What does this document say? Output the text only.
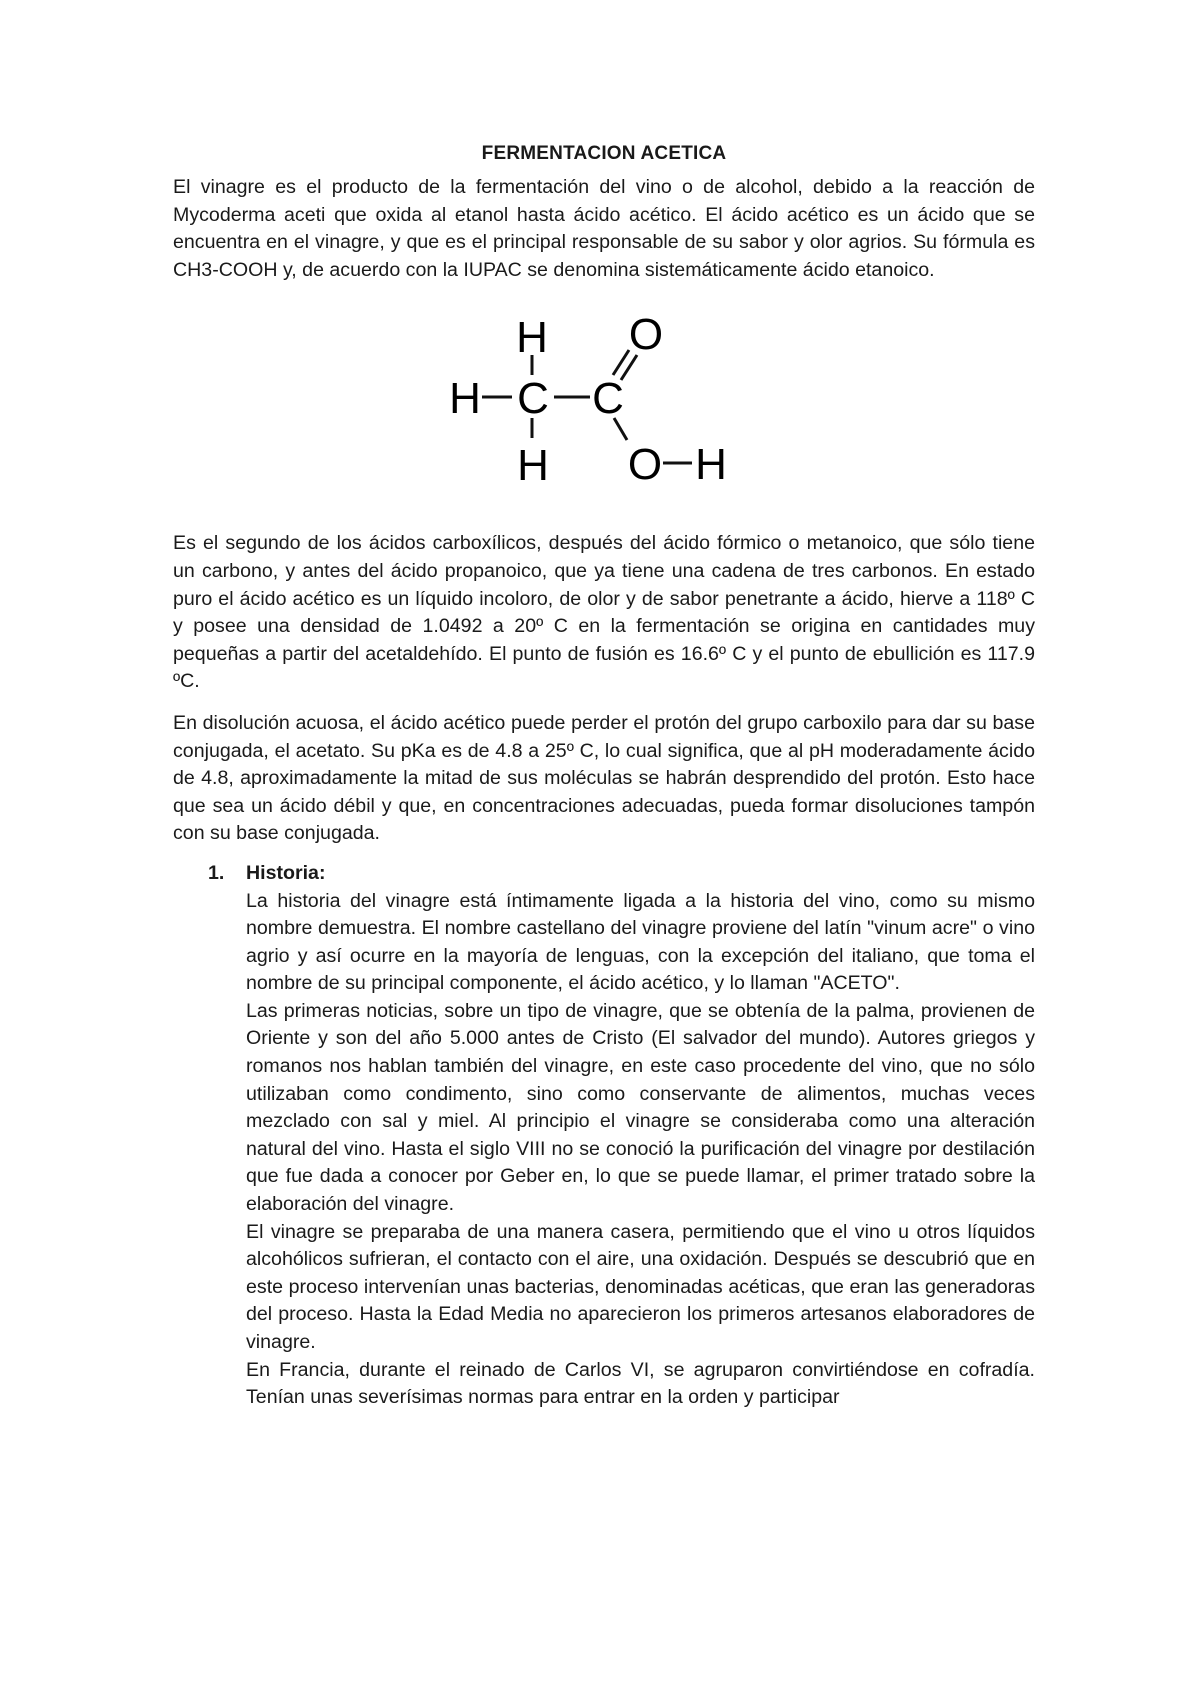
FERMENTACION ACETICA

El vinagre es el producto de la fermentación del vino o de alcohol, debido a la reacción de Mycoderma aceti que oxida al etanol hasta ácido acético. El ácido acético es un ácido que se encuentra en el vinagre, y que es el principal responsable de su sabor y olor agrios. Su fórmula es CH3-COOH y, de acuerdo con la IUPAC se denomina sistemáticamente ácido etanoico.

H
H C C
O
H O H

Es el segundo de los ácidos carboxílicos, después del ácido fórmico o metanoico, que sólo tiene un carbono, y antes del ácido propanoico, que ya tiene una cadena de tres carbonos. En estado puro el ácido acético es un líquido incoloro, de olor y de sabor penetrante a ácido, hierve a 118º C y posee una densidad de 1.0492 a 20º C en la fermentación se origina en cantidades muy pequeñas a partir del acetaldehído. El punto de fusión es 16.6º C y el punto de ebullición es 117.9 ºC.

En disolución acuosa, el ácido acético puede perder el protón del grupo carboxilo para dar su base conjugada, el acetato. Su pKa es de 4.8 a 25º C, lo cual significa, que al pH moderadamente ácido de 4.8, aproximadamente la mitad de sus moléculas se habrán desprendido del protón. Esto hace que sea un ácido débil y que, en concentraciones adecuadas, pueda formar disoluciones tampón con su base conjugada.

1. Historia:

La historia del vinagre está íntimamente ligada a la historia del vino, como su mismo nombre demuestra. El nombre castellano del vinagre proviene del latín "vinum acre" o vino agrio y así ocurre en la mayoría de lenguas, con la excepción del italiano, que toma el nombre de su principal componente, el ácido acético, y lo llaman "ACETO".

Las primeras noticias, sobre un tipo de vinagre, que se obtenía de la palma, provienen de Oriente y son del año 5.000 antes de Cristo (El salvador del mundo). Autores griegos y romanos nos hablan también del vinagre, en este caso procedente del vino, que no sólo utilizaban como condimento, sino como conservante de alimentos, muchas veces mezclado con sal y miel. Al principio el vinagre se consideraba como una alteración natural del vino. Hasta el siglo VIII no se conoció la purificación del vinagre por destilación que fue dada a conocer por Geber en, lo que se puede llamar, el primer tratado sobre la elaboración del vinagre.

El vinagre se preparaba de una manera casera, permitiendo que el vino u otros líquidos alcohólicos sufrieran, el contacto con el aire, una oxidación. Después se descubrió que en este proceso intervenían unas bacterias, denominadas acéticas, que eran las generadoras del proceso. Hasta la Edad Media no aparecieron los primeros artesanos elaboradores de vinagre.

En Francia, durante el reinado de Carlos VI, se agruparon convirtiéndose en cofradía. Tenían unas severísimas normas para entrar en la orden y participar
